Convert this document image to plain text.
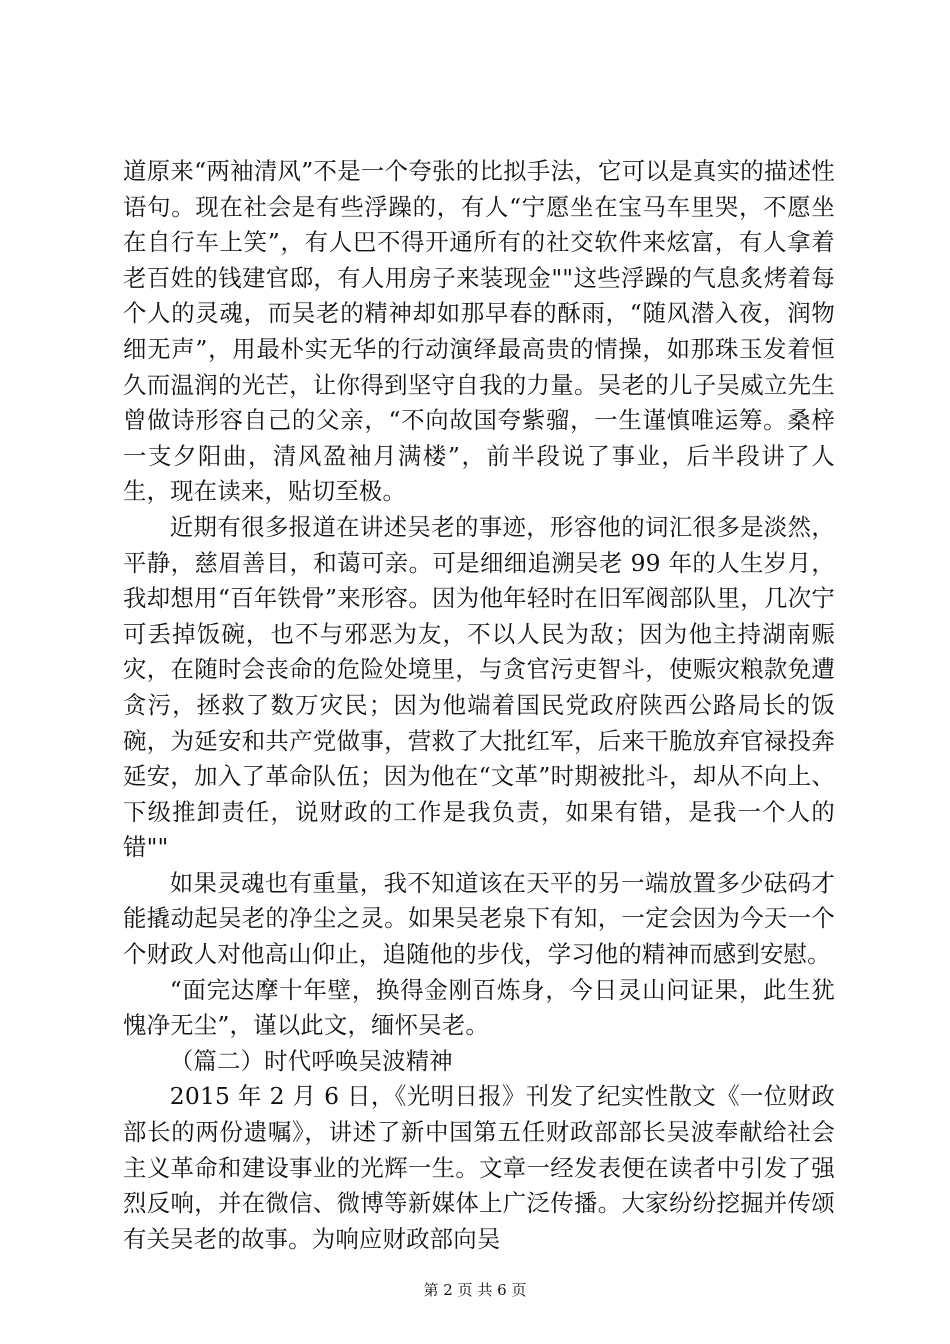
道原来“两袖清风”不是一个夸张的比拟手法，它可以是真实的描述性语句。现在社会是有些浮躁的，有人“宁愿坐在宝马车里哭，不愿坐在自行车上笑”，有人巴不得开通所有的社交软件来炫富，有人拿着老百姓的钱建官邸，有人用房子来装现金""这些浮躁的气息炙烤着每个人的灵魂，而吴老的精神却如那早春的酥雨，“随风潜入夜，润物细无声”，用最朴实无华的行动演绎最高贵的情操，如那珠玉发着恒久而温润的光芒，让你得到坚守自我的力量。吴老的儿子吴威立先生曾做诗形容自己的父亲，“不向故国夸紫骝，一生谨慎唯运筹。桑梓一支夕阳曲，清风盈袖月满楼”，前半段说了事业，后半段讲了人生，现在读来，贴切至极。

近期有很多报道在讲述吴老的事迹，形容他的词汇很多是淡然，平静，慈眉善目，和蔼可亲。可是细细追溯吴老 99 年的人生岁月，我却想用“百年铁骨”来形容。因为他年轻时在旧军阀部队里，几次宁可丢掉饭碗，也不与邪恶为友，不以人民为敌；因为他主持湖南赈灾，在随时会丧命的危险处境里，与贪官污吏智斗，使赈灾粮款免遭贪污，拯救了数万灾民；因为他端着国民党政府陕西公路局长的饭碗，为延安和共产党做事，营救了大批红军，后来干脆放弃官禄投奔延安，加入了革命队伍；因为他在“文革”时期被批斗，却从不向上、下级推卸责任，说财政的工作是我负责，如果有错，是我一个人的错""

如果灵魂也有重量，我不知道该在天平的另一端放置多少砝码才能撬动起吴老的净尘之灵。如果吴老泉下有知，一定会因为今天一个个财政人对他高山仰止，追随他的步伐，学习他的精神而感到安慰。

“面完达摩十年壁，换得金刚百炼身，今日灵山问证果，此生犹愧净无尘”，谨以此文，缅怀吴老。

（篇二）时代呼唤吴波精神

2015 年 2 月 6 日，《光明日报》刊发了纪实性散文《一位财政部长的两份遗嘱》，讲述了新中国第五任财政部部长吴波奉献给社会主义革命和建设事业的光辉一生。文章一经发表便在读者中引发了强烈反响，并在微信、微博等新媒体上广泛传播。大家纷纷挖掘并传颂有关吴老的故事。为响应财政部向吴

第 2 页 共 6 页
